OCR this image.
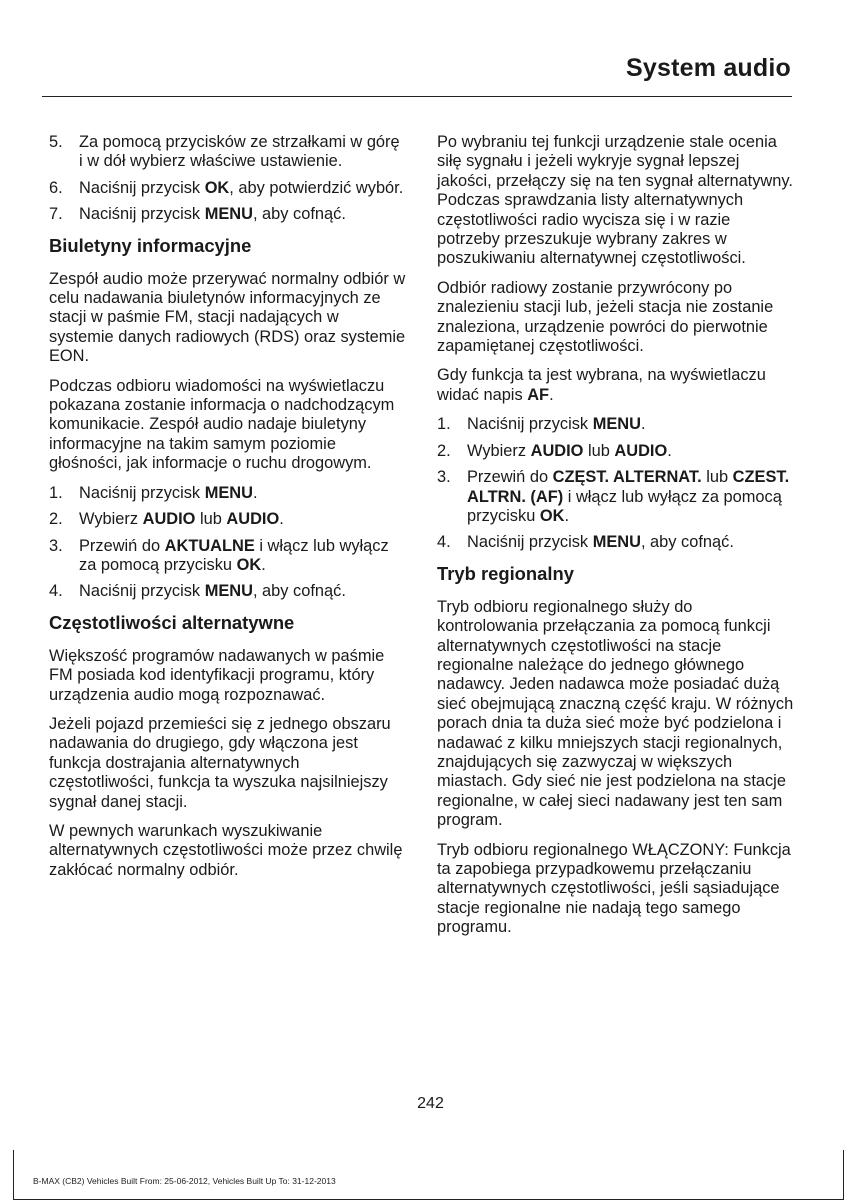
System audio
5. Za pomocą przycisków ze strzałkami w górę i w dół wybierz właściwe ustawienie.
6. Naciśnij przycisk OK, aby potwierdzić wybór.
7. Naciśnij przycisk MENU, aby cofnąć.
Biuletyny informacyjne

Zespół audio może przerywać normalny odbiór w celu nadawania biuletynów informacyjnych ze stacji w paśmie FM, stacji nadających w systemie danych radiowych (RDS) oraz systemie EON.

Podczas odbioru wiadomości na wyświetlaczu pokazana zostanie informacja o nadchodzącym komunikacie. Zespół audio nadaje biuletyny informacyjne na takim samym poziomie głośności, jak informacje o ruchu drogowym.

1. Naciśnij przycisk MENU.
2. Wybierz AUDIO lub AUDIO.
3. Przewiń do AKTUALNE i włącz lub wyłącz za pomocą przycisku OK.
4. Naciśnij przycisk MENU, aby cofnąć.
Częstotliwości alternatywne

Większość programów nadawanych w paśmie FM posiada kod identyfikacji programu, który urządzenia audio mogą rozpoznawać.

Jeżeli pojazd przemieści się z jednego obszaru nadawania do drugiego, gdy włączona jest funkcja dostrajania alternatywnych częstotliwości, funkcja ta wyszuka najsilniejszy sygnał danej stacji.

W pewnych warunkach wyszukiwanie alternatywnych częstotliwości może przez chwilę zakłócać normalny odbiór.

Po wybraniu tej funkcji urządzenie stale ocenia siłę sygnału i jeżeli wykryje sygnał lepszej jakości, przełączy się na ten sygnał alternatywny. Podczas sprawdzania listy alternatywnych częstotliwości radio wycisza się i w razie potrzeby przeszukuje wybrany zakres w poszukiwaniu alternatywnej częstotliwości.

Odbiór radiowy zostanie przywrócony po znalezieniu stacji lub, jeżeli stacja nie zostanie znaleziona, urządzenie powróci do pierwotnie zapamiętanej częstotliwości.

Gdy funkcja ta jest wybrana, na wyświetlaczu widać napis AF.

1. Naciśnij przycisk MENU.
2. Wybierz AUDIO lub AUDIO.
3. Przewiń do CZĘST. ALTERNAT. lub CZEST. ALTRN. (AF) i włącz lub wyłącz za pomocą przycisku OK.
4. Naciśnij przycisk MENU, aby cofnąć.
Tryb regionalny

Tryb odbioru regionalnego służy do kontrolowania przełączania za pomocą funkcji alternatywnych częstotliwości na stacje regionalne należące do jednego głównego nadawcy. Jeden nadawca może posiadać dużą sieć obejmującą znaczną część kraju. W różnych porach dnia ta duża sieć może być podzielona i nadawać z kilku mniejszych stacji regionalnych, znajdujących się zazwyczaj w większych miastach. Gdy sieć nie jest podzielona na stacje regionalne, w całej sieci nadawany jest ten sam program.

Tryb odbioru regionalnego WŁĄCZONY: Funkcja ta zapobiega przypadkowemu przełączaniu alternatywnych częstotliwości, jeśli sąsiadujące stacje regionalne nie nadają tego samego programu.

242
B-MAX (CB2) Vehicles Built From: 25-06-2012, Vehicles Built Up To: 31-12-2013
